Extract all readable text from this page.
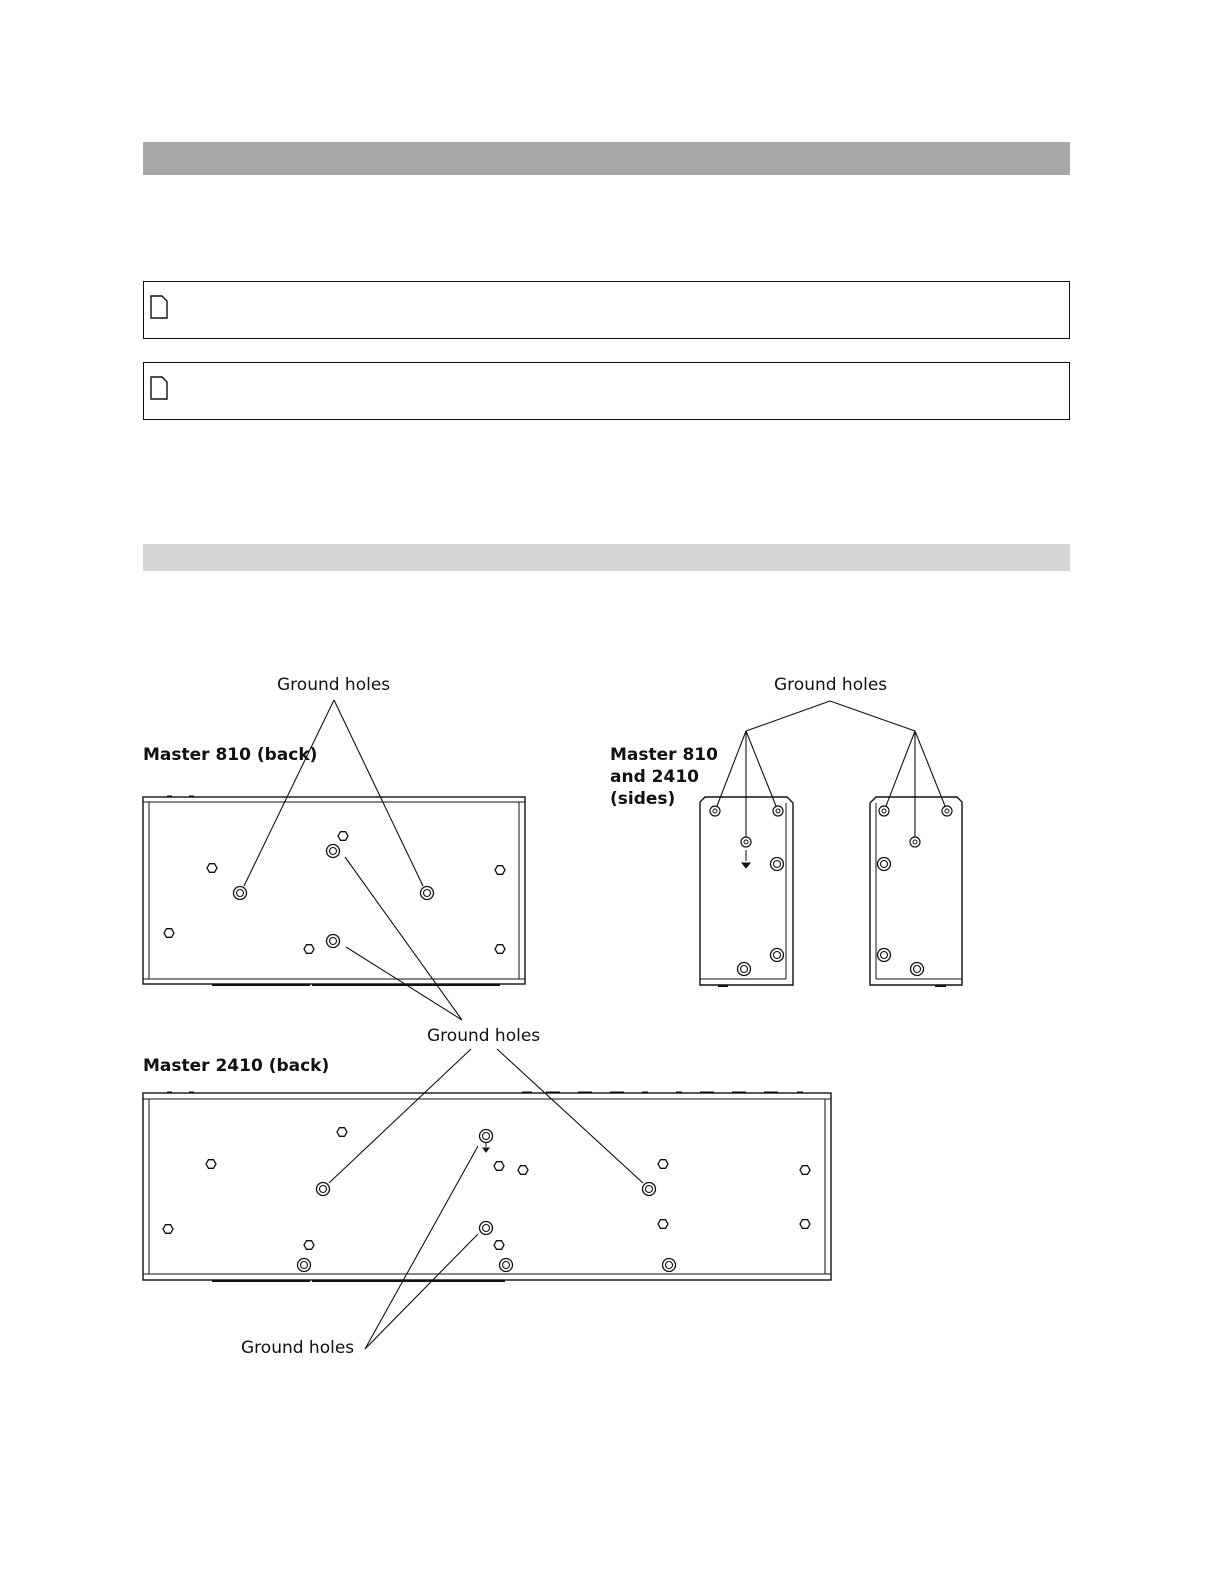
Ground holes	Ground holes
Ground holes
Ground holes
Master 810 (back)	Master 810
and 2410
(sides)
Master 2410 (back)
